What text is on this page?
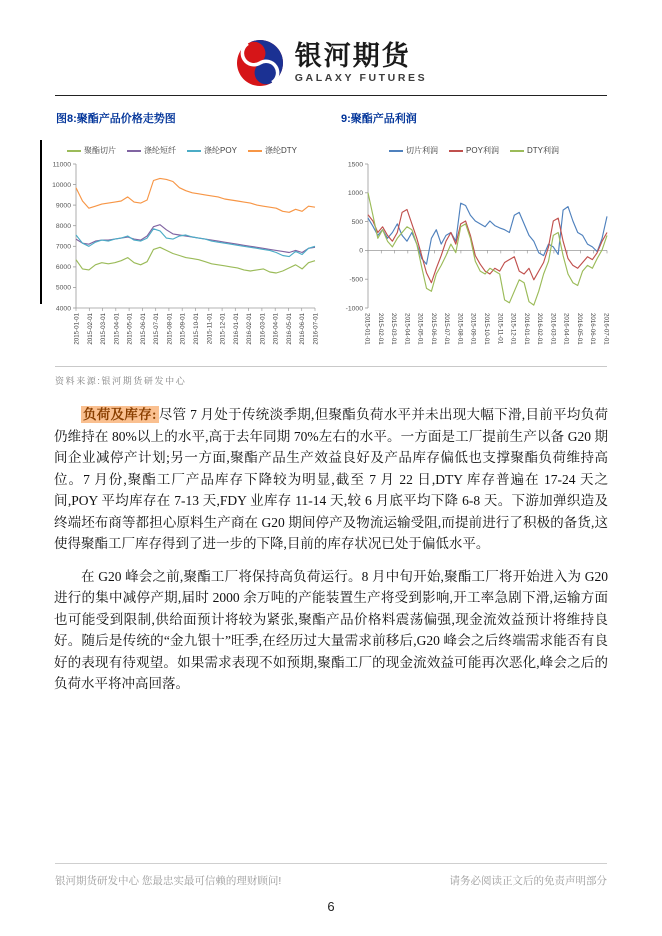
银河期货
GALAXY FUTURES
图8:聚酯产品价格走势图	9:聚酯产品利润
聚酯切片	涤纶短纤	涤纶POY	涤纶DTY
4000
5000
6000
7000
8000
9000
10000
11000
2015-01-01 2015-02-01 2015-03-01 2015-04-01 2015-05-01 2015-06-01 2015-07-01 2015-08-01 2015-09-01 2015-10-01 2015-11-01 2015-12-01 2016-01-01 2016-02-01 2016-03-01 2016-04-01 2016-05-01 2016-06-01 2016-07-01
切片利润	POY利润	DTY利润
-1000
-500
0
500
1000
1500
2015-01-01 2015-02-01 2015-03-01 2015-04-01 2015-05-01 2015-06-01 2015-07-01 2015-08-01 2015-09-01 2015-10-01 2015-11-01 2015-12-01 2016-01-01 2016-02-01 2016-03-01 2016-04-01 2016-05-01 2016-06-01 2016-07-01
资料来源:银河期货研发中心

负荷及库存: 尽管 7 月处于传统淡季期,但聚酯负荷水平并未出现大幅下滑,目前平均负荷仍维持在 80%以上的水平,高于去年同期 70%左右的水平。一方面是工厂提前生产以备 G20 期间企业减停产计划;另一方面,聚酯产品生产效益良好及产品库存偏低也支撑聚酯负荷维持高位。7 月份,聚酯工厂产品库存下降较为明显,截至 7 月 22 日,DTY 库存普遍在 17-24 天之间,POY 平均库存在 7-13 天,FDY 业库存 11-14 天,较 6 月底平均下降 6-8 天。下游加弹织造及终端坯布商等都担心原料生产商在 G20 期间停产及物流运输受阻,而提前进行了积极的备货,这使得聚酯工厂库存得到了进一步的下降,目前的库存状况已处于偏低水平。

在 G20 峰会之前,聚酯工厂将保持高负荷运行。8 月中旬开始,聚酯工厂将开始进入为 G20 进行的集中减停产期,届时 2000 余万吨的产能装置生产将受到影响,开工率急剧下滑,运输方面也可能受到限制,供给面预计将较为紧张,聚酯产品价格料震荡偏强,现金流效益预计将维持良好。随后是传统的“金九银十”旺季,在经历过大量需求前移后,G20 峰会之后终端需求能否有良好的表现有待观望。如果需求表现不如预期,聚酯工厂的现金流效益可能再次恶化,峰会之后的负荷水平将冲高回落。

银河期货研发中心 您最忠实最可信赖的理财顾问!	请务必阅读正文后的免责声明部分
6
